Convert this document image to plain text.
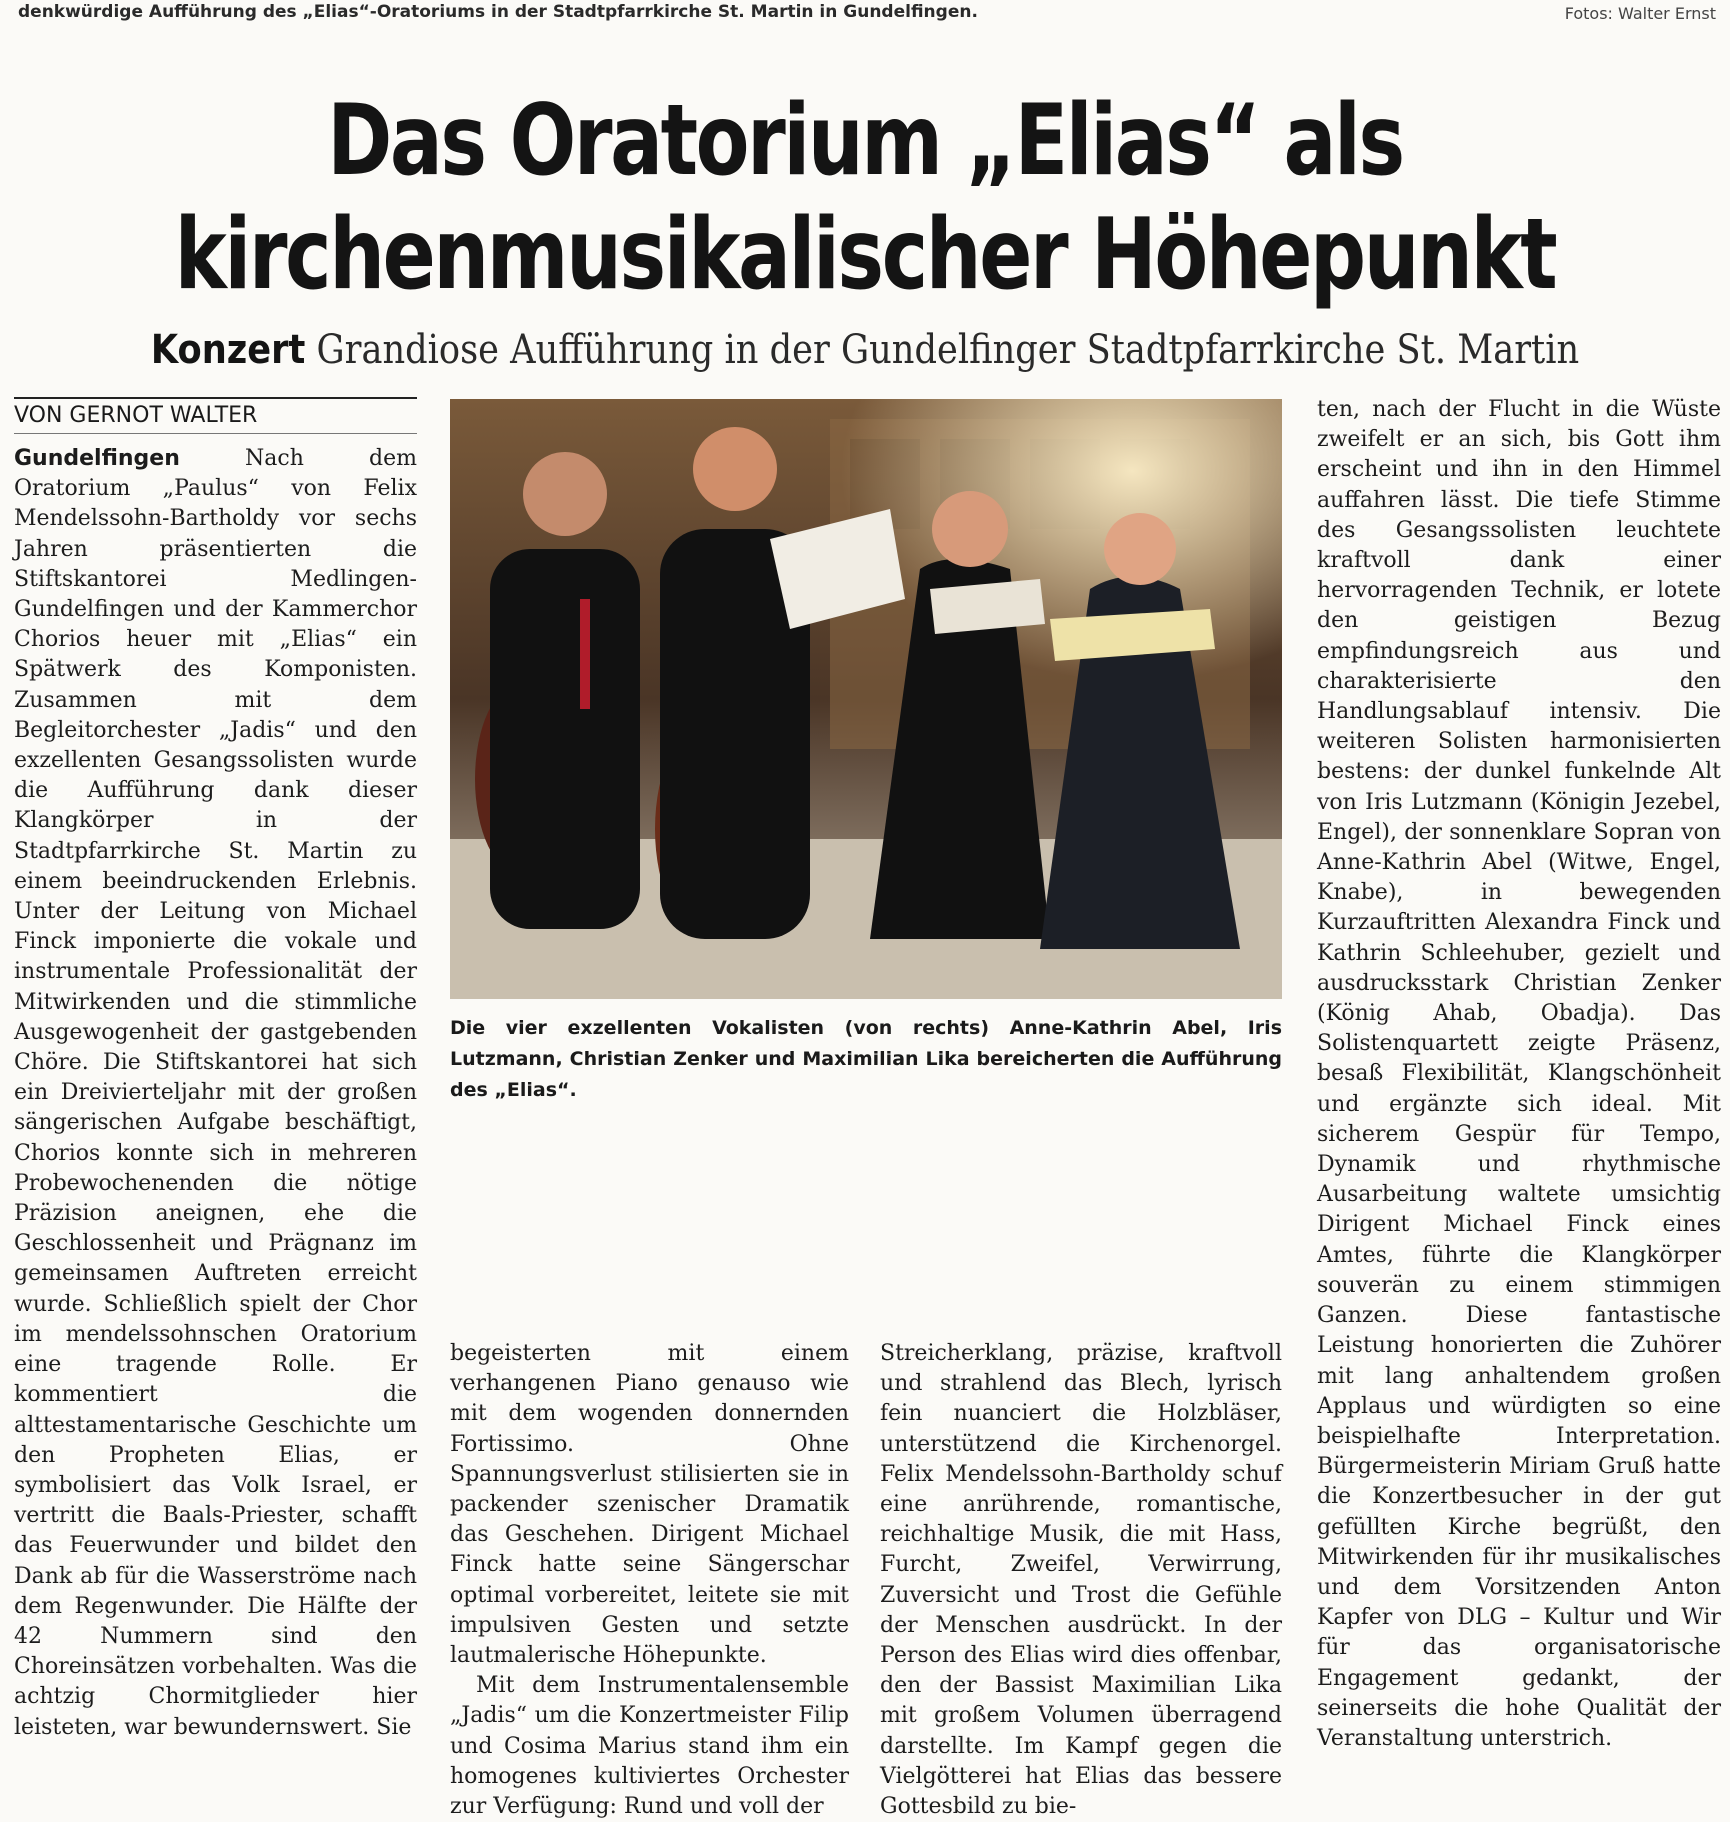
denkwürdige Aufführung des „Elias“-Oratoriums in der Stadtpfarrkirche St. Martin in Gundelfingen.	Fotos: Walter Ernst
Das Oratorium „Elias“ als
kirchenmusikalischer Höhepunkt
Konzert Grandiose Aufführung in der Gundelfinger Stadtpfarrkirche St. Martin
VON GERNOT WALTER

Gundelfingen	Nach dem Oratorium „Paulus“ von Felix Mendelssohn-Bartholdy vor sechs Jahren präsentierten die Stiftskantorei Medlingen-Gundelfingen und der Kammerchor Chorios heuer mit „Elias“ ein Spätwerk des Komponisten. Zusammen mit dem Begleitorchester „Jadis“ und den exzellenten Gesangssolisten wurde die Aufführung dank dieser Klangkörper in der Stadtpfarrkirche St. Martin zu einem beeindruckenden Erlebnis. Unter der Leitung von Michael Finck imponierte die vokale und instrumentale Professionalität der Mitwirkenden und die stimmliche Ausgewogenheit der gastgebenden Chöre. Die Stiftskantorei hat sich ein Dreivierteljahr mit der großen sängerischen Aufgabe beschäftigt, Chorios konnte sich in mehreren Probewochenenden die nötige Präzision aneignen, ehe die Geschlossenheit und Prägnanz im gemeinsamen Auftreten erreicht wurde. Schließlich spielt der Chor im mendelssohnschen Oratorium eine tragende Rolle. Er kommentiert die alttestamentarische Geschichte um den Propheten Elias, er symbolisiert das Volk Israel, er vertritt die Baals-Priester, schafft das Feuerwunder und bildet den Dank ab für die Wasserströme nach dem Regenwunder. Die Hälfte der 42 Nummern sind den Choreinsätzen vorbehalten. Was die achtzig Chormitglieder hier leisteten, war bewundernswert. Sie

Die vier exzellenten Vokalisten (von rechts) Anne-Kathrin Abel, Iris Lutzmann, Christian Zenker und Maximilian Lika bereicherten die Aufführung des „Elias“.

begeisterten mit einem verhangenen Piano genauso wie mit dem wogenden donnernden Fortissimo. Ohne Spannungsverlust stilisierten sie in packender szenischer Dramatik das Geschehen. Dirigent Michael Finck hatte seine Sängerschar optimal vorbereitet, leitete sie mit impulsiven Gesten und setzte lautmalerische Höhepunkte.

Mit dem Instrumentalensemble „Jadis“ um die Konzertmeister Filip und Cosima Marius stand ihm ein homogenes kultiviertes Orchester zur Verfügung: Rund und voll der

Streicherklang, präzise, kraftvoll und strahlend das Blech, lyrisch fein nuanciert die Holzbläser, unterstützend die Kirchenorgel. Felix Mendelssohn-Bartholdy schuf eine anrührende, romantische, reichhaltige Musik, die mit Hass, Furcht, Zweifel, Verwirrung, Zuversicht und Trost die Gefühle der Menschen ausdrückt. In der Person des Elias wird dies offenbar, den der Bassist Maximilian Lika mit großem Volumen überragend darstellte. Im Kampf gegen die Vielgötterei hat Elias das bessere Gottesbild zu bie-

ten, nach der Flucht in die Wüste zweifelt er an sich, bis Gott ihm erscheint und ihn in den Himmel auffahren lässt. Die tiefe Stimme des Gesangssolisten leuchtete kraftvoll dank einer hervorragenden Technik, er lotete den geistigen Bezug empfindungsreich aus und charakterisierte den Handlungsablauf intensiv. Die weiteren Solisten harmonisierten bestens: der dunkel funkelnde Alt von Iris Lutzmann (Königin Jezebel, Engel), der sonnenklare Sopran von Anne-Kathrin Abel (Witwe, Engel, Knabe), in bewegenden Kurzauftritten Alexandra Finck und Kathrin Schleehuber, gezielt und ausdrucksstark Christian Zenker (König Ahab, Obadja). Das Solistenquartett zeigte Präsenz, besaß Flexibilität, Klangschönheit und ergänzte sich ideal. Mit sicherem Gespür für Tempo, Dynamik und rhythmische Ausarbeitung waltete umsichtig Dirigent Michael Finck eines Amtes, führte die Klangkörper souverän zu einem stimmigen Ganzen. Diese fantastische Leistung honorierten die Zuhörer mit lang anhaltendem großen Applaus und würdigten so eine beispielhafte Interpretation. Bürgermeisterin Miriam Gruß hatte die Konzertbesucher in der gut gefüllten Kirche begrüßt, den Mitwirkenden für ihr musikalisches und dem Vorsitzenden Anton Kapfer von DLG – Kultur und Wir für das organisatorische Engagement gedankt, der seinerseits die hohe Qualität der Veranstaltung unterstrich.
